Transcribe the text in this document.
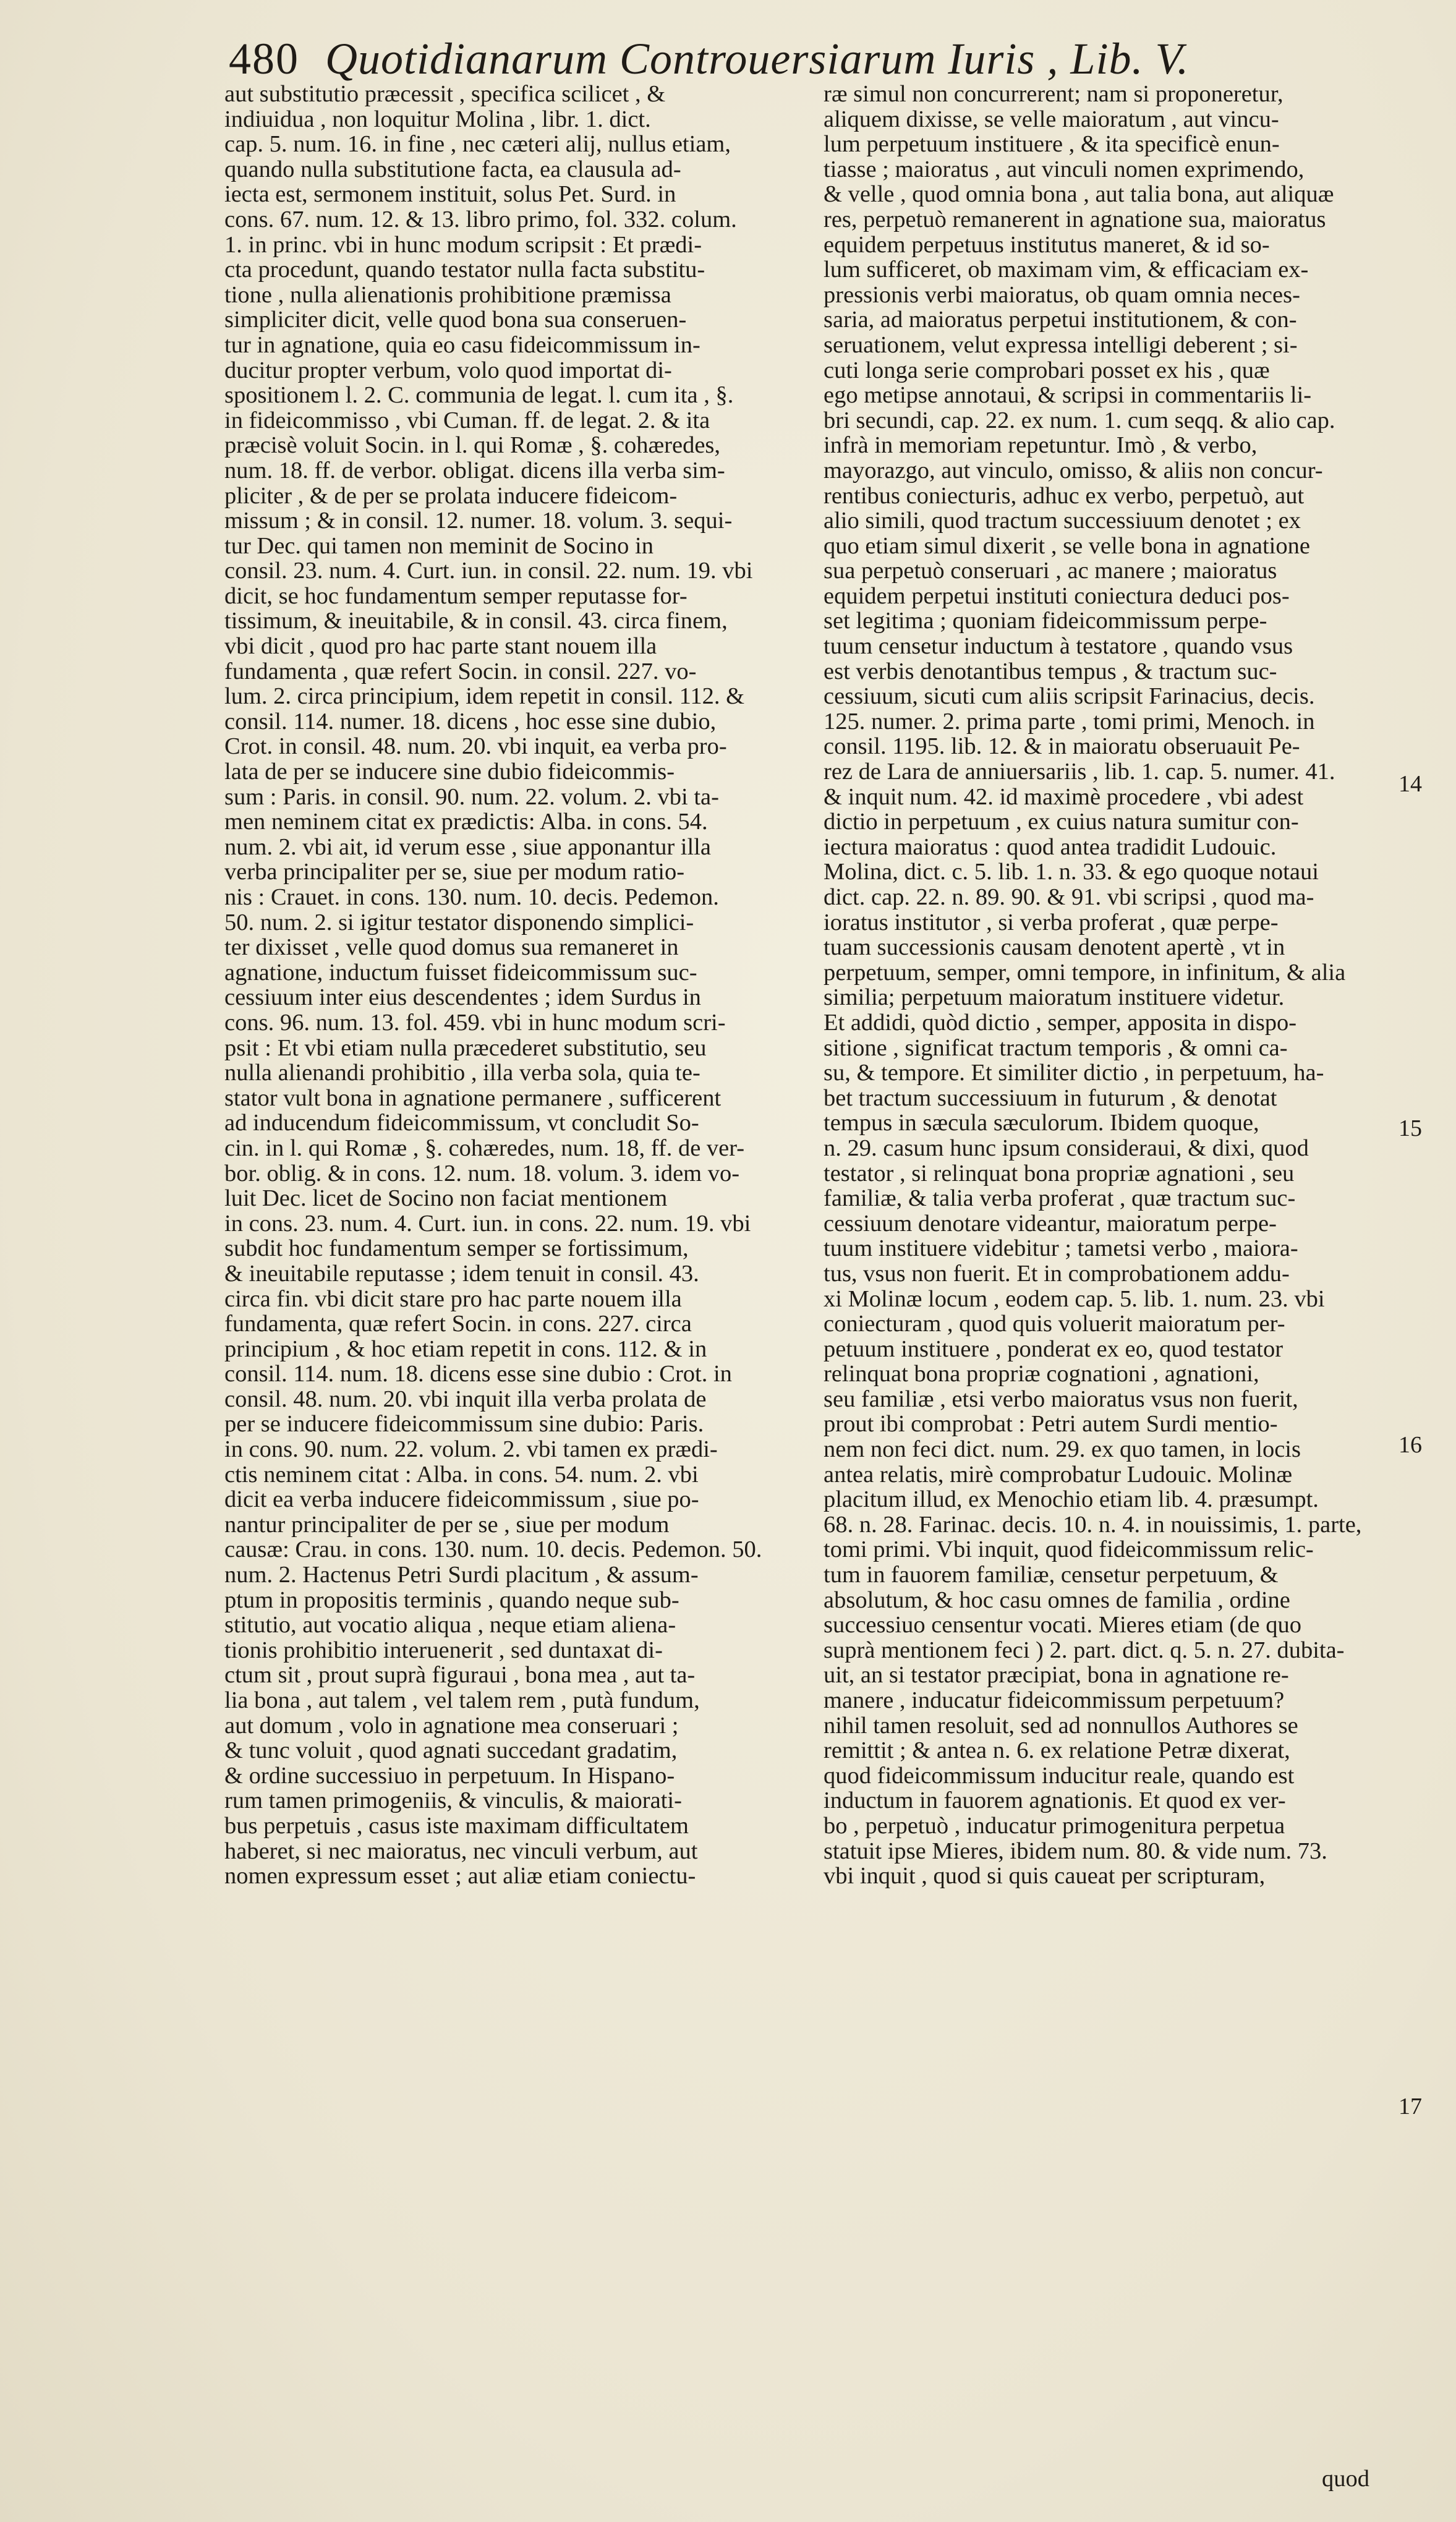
480 Quotidianarum Controuersiarum Iuris , Lib. V.
aut substitutio præcessit , specifica scilicet , &
indiuidua , non loquitur Molina , libr. 1. dict.
cap. 5. num. 16. in fine , nec cæteri alij, nullus etiam,
quando nulla substitutione facta, ea clausula ad-
iecta est, sermonem instituit, solus Pet. Surd. in
cons. 67. num. 12. & 13. libro primo, fol. 332. colum.
1. in princ. vbi in hunc modum scripsit : Et prædi-
cta procedunt, quando testator nulla facta substitu-
tione , nulla alienationis prohibitione præmissa
simpliciter dicit, velle quod bona sua conseruen-
tur in agnatione, quia eo casu fideicommissum in-
ducitur propter verbum, volo quod importat di-
spositionem l. 2. C. communia de legat. l. cum ita , §.
in fideicommisso , vbi Cuman. ff. de legat. 2. & ita
præcisè voluit Socin. in l. qui Romæ , §. cohæredes,
num. 18. ff. de verbor. obligat. dicens illa verba sim-
pliciter , & de per se prolata inducere fideicom-
missum ; & in consil. 12. numer. 18. volum. 3. sequi-
tur Dec. qui tamen non meminit de Socino in
consil. 23. num. 4. Curt. iun. in consil. 22. num. 19. vbi
dicit, se hoc fundamentum semper reputasse for-
tissimum, & ineuitabile, & in consil. 43. circa finem,
vbi dicit , quod pro hac parte stant nouem illa
fundamenta , quæ refert Socin. in consil. 227. vo-
lum. 2. circa principium, idem repetit in consil. 112. &
consil. 114. numer. 18. dicens , hoc esse sine dubio,
Crot. in consil. 48. num. 20. vbi inquit, ea verba pro-
lata de per se inducere sine dubio fideicommis-
sum : Paris. in consil. 90. num. 22. volum. 2. vbi ta-
men neminem citat ex prædictis: Alba. in cons. 54.
num. 2. vbi ait, id verum esse , siue apponantur illa
verba principaliter per se, siue per modum ratio-
nis : Crauet. in cons. 130. num. 10. decis. Pedemon.
50. num. 2. si igitur testator disponendo simplici-
ter dixisset , velle quod domus sua remaneret in
agnatione, inductum fuisset fideicommissum suc-
cessiuum inter eius descendentes ; idem Surdus in
cons. 96. num. 13. fol. 459. vbi in hunc modum scri-
psit : Et vbi etiam nulla præcederet substitutio, seu
nulla alienandi prohibitio , illa verba sola, quia te-
stator vult bona in agnatione permanere , sufficerent
ad inducendum fideicommissum, vt concludit So-
cin. in l. qui Romæ , §. cohæredes, num. 18, ff. de ver-
bor. oblig. & in cons. 12. num. 18. volum. 3. idem vo-
luit Dec. licet de Socino non faciat mentionem
in cons. 23. num. 4. Curt. iun. in cons. 22. num. 19. vbi
subdit hoc fundamentum semper se fortissimum,
& ineuitabile reputasse ; idem tenuit in consil. 43.
circa fin. vbi dicit stare pro hac parte nouem illa
fundamenta, quæ refert Socin. in cons. 227. circa
principium , & hoc etiam repetit in cons. 112. & in
consil. 114. num. 18. dicens esse sine dubio : Crot. in
consil. 48. num. 20. vbi inquit illa verba prolata de
per se inducere fideicommissum sine dubio: Paris.
in cons. 90. num. 22. volum. 2. vbi tamen ex prædi-
ctis neminem citat : Alba. in cons. 54. num. 2. vbi
dicit ea verba inducere fideicommissum , siue po-
nantur principaliter de per se , siue per modum
causæ: Crau. in cons. 130. num. 10. decis. Pedemon. 50.
num. 2. Hactenus Petri Surdi placitum , & assum-
ptum in propositis terminis , quando neque sub-
stitutio, aut vocatio aliqua , neque etiam aliena-
tionis prohibitio interuenerit , sed duntaxat di-
ctum sit , prout suprà figuraui , bona mea , aut ta-
lia bona , aut talem , vel talem rem , putà fundum,
aut domum , volo in agnatione mea conseruari ;
& tunc voluit , quod agnati succedant gradatim,
& ordine successiuo in perpetuum. In Hispano-
rum tamen primogeniis, & vinculis, & maiorati-
bus perpetuis , casus iste maximam difficultatem
haberet, si nec maioratus, nec vinculi verbum, aut
nomen expressum esset ; aut aliæ etiam coniectu-
ræ simul non concurrerent; nam si proponeretur,
aliquem dixisse, se velle maioratum , aut vincu-
lum perpetuum instituere , & ita specificè enun-
tiasse ; maioratus , aut vinculi nomen exprimendo,
& velle , quod omnia bona , aut talia bona, aut aliquæ
res, perpetuò remanerent in agnatione sua, maioratus
equidem perpetuus institutus maneret, & id so-
lum sufficeret, ob maximam vim, & efficaciam ex-
pressionis verbi maioratus, ob quam omnia neces-
saria, ad maioratus perpetui institutionem, & con-
seruationem, velut expressa intelligi deberent ; si-
cuti longa serie comprobari posset ex his , quæ
ego metipse annotaui, & scripsi in commentariis li-
bri secundi, cap. 22. ex num. 1. cum seqq. & alio cap.
infrà in memoriam repetuntur. Imò , & verbo,
mayorazgo, aut vinculo, omisso, & aliis non concur-
rentibus coniecturis, adhuc ex verbo, perpetuò, aut
alio simili, quod tractum successiuum denotet ; ex
quo etiam simul dixerit , se velle bona in agnatione
sua perpetuò conseruari , ac manere ; maioratus
equidem perpetui instituti coniectura deduci pos-
set legitima ; quoniam fideicommissum perpe-
tuum censetur inductum à testatore , quando vsus
est verbis denotantibus tempus , & tractum suc-
cessiuum, sicuti cum aliis scripsit Farinacius, decis.
125. numer. 2. prima parte , tomi primi, Menoch. in
consil. 1195. lib. 12. & in maioratu obseruauit Pe-
rez de Lara de anniuersariis , lib. 1. cap. 5. numer. 41.
& inquit num. 42. id maximè procedere , vbi adest
dictio in perpetuum , ex cuius natura sumitur con-
iectura maioratus : quod antea tradidit Ludouic.
Molina, dict. c. 5. lib. 1. n. 33. & ego quoque notaui
dict. cap. 22. n. 89. 90. & 91. vbi scripsi , quod ma-
ioratus institutor , si verba proferat , quæ perpe-
tuam successionis causam denotent apertè , vt in
perpetuum, semper, omni tempore, in infinitum, & alia
similia; perpetuum maioratum instituere videtur.
Et addidi, quòd dictio , semper, apposita in dispo-
sitione , significat tractum temporis , & omni ca-
su, & tempore. Et similiter dictio , in perpetuum, ha-
bet tractum successiuum in futurum , & denotat
tempus in sæcula sæculorum. Ibidem quoque,
n. 29. casum hunc ipsum consideraui, & dixi, quod
testator , si relinquat bona propriæ agnationi , seu
familiæ, & talia verba proferat , quæ tractum suc-
cessiuum denotare videantur, maioratum perpe-
tuum instituere videbitur ; tametsi verbo , maiora-
tus, vsus non fuerit. Et in comprobationem addu-
xi Molinæ locum , eodem cap. 5. lib. 1. num. 23. vbi
coniecturam , quod quis voluerit maioratum per-
petuum instituere , ponderat ex eo, quod testator
relinquat bona propriæ cognationi , agnationi,
seu familiæ , etsi verbo maioratus vsus non fuerit,
prout ibi comprobat : Petri autem Surdi mentio-
nem non feci dict. num. 29. ex quo tamen, in locis
antea relatis, mirè comprobatur Ludouic. Molinæ
placitum illud, ex Menochio etiam lib. 4. præsumpt.
68. n. 28. Farinac. decis. 10. n. 4. in nouissimis, 1. parte,
tomi primi. Vbi inquit, quod fideicommissum relic-
tum in fauorem familiæ, censetur perpetuum, &
absolutum, & hoc casu omnes de familia , ordine
successiuo censentur vocati. Mieres etiam (de quo
suprà mentionem feci ) 2. part. dict. q. 5. n. 27. dubita-
uit, an si testator præcipiat, bona in agnatione re-
manere , inducatur fideicommissum perpetuum?
nihil tamen resoluit, sed ad nonnullos Authores se
remittit ; & antea n. 6. ex relatione Petræ dixerat,
quod fideicommissum inducitur reale, quando est
inductum in fauorem agnationis. Et quod ex ver-
bo , perpetuò , inducatur primogenitura perpetua
statuit ipse Mieres, ibidem num. 80. & vide num. 73.
vbi inquit , quod si quis caueat per scripturam,
quod
14
15
16
17
